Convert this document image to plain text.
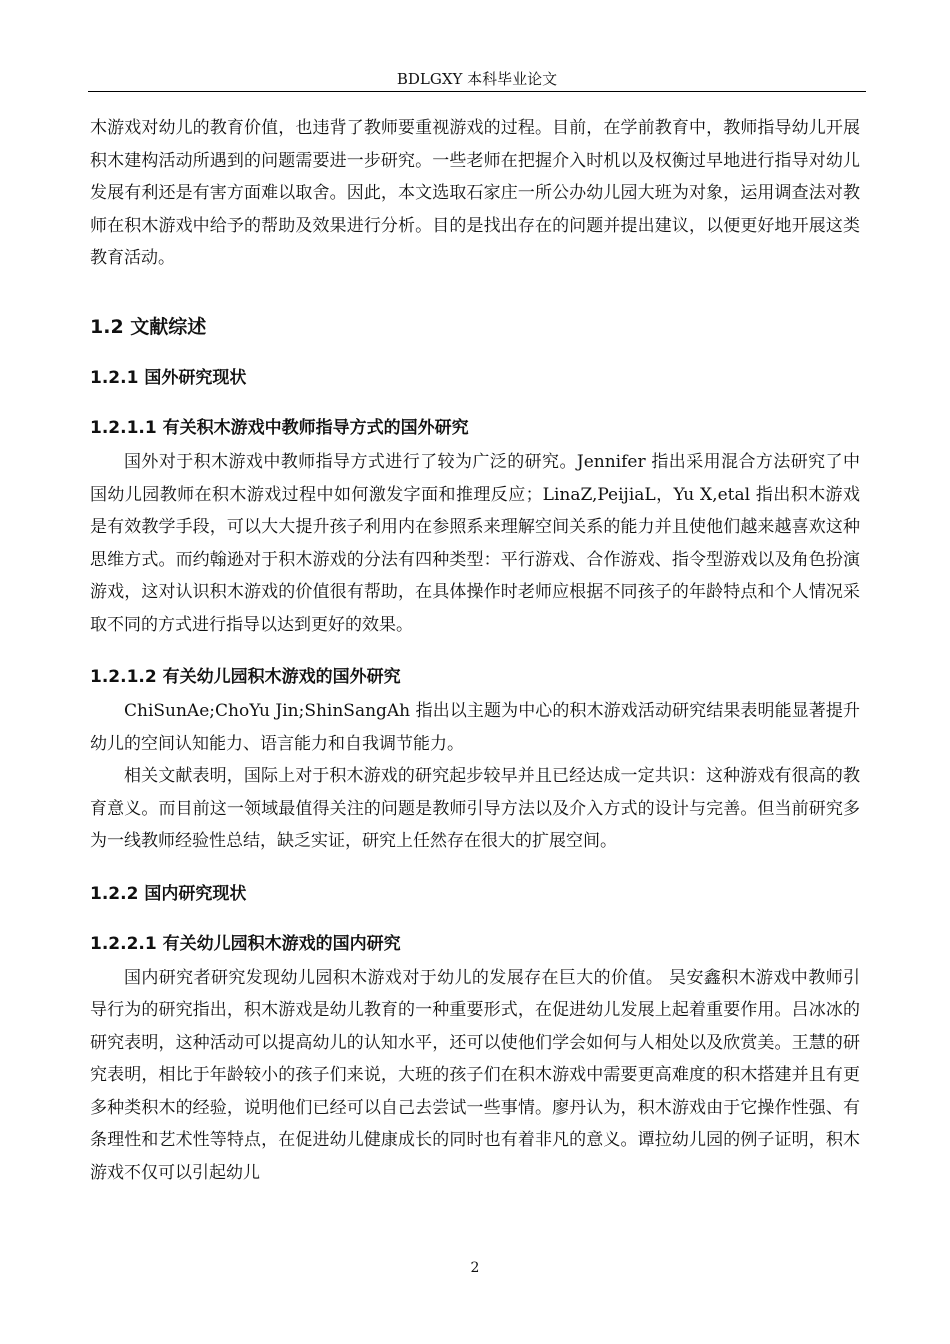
BDLGXY 本科毕业论文

木游戏对幼儿的教育价值，也违背了教师要重视游戏的过程。目前，在学前教育中，教师指导幼儿开展积木建构活动所遇到的问题需要进一步研究。一些老师在把握介入时机以及权衡过早地进行指导对幼儿发展有利还是有害方面难以取舍。因此，本文选取石家庄一所公办幼儿园大班为对象，运用调查法对教师在积木游戏中给予的帮助及效果进行分析。目的是找出存在的问题并提出建议，以便更好地开展这类教育活动。

1.2 文献综述
1.2.1 国外研究现状
1.2.1.1 有关积木游戏中教师指导方式的国外研究

国外对于积木游戏中教师指导方式进行了较为广泛的研究。Jennifer 指出采用混合方法研究了中国幼儿园教师在积木游戏过程中如何激发字面和推理反应；LinaZ,PeijiaL，Yu X,etal 指出积木游戏是有效教学手段，可以大大提升孩子利用内在参照系来理解空间关系的能力并且使他们越来越喜欢这种思维方式。而约翰逊对于积木游戏的分法有四种类型：平行游戏、合作游戏、指令型游戏以及角色扮演游戏，这对认识积木游戏的价值很有帮助，在具体操作时老师应根据不同孩子的年龄特点和个人情况采取不同的方式进行指导以达到更好的效果。

1.2.1.2 有关幼儿园积木游戏的国外研究

ChiSunAe;ChoYu Jin;ShinSangAh 指出以主题为中心的积木游戏活动研究结果表明能显著提升幼儿的空间认知能力、语言能力和自我调节能力。

相关文献表明，国际上对于积木游戏的研究起步较早并且已经达成一定共识：这种游戏有很高的教育意义。而目前这一领域最值得关注的问题是教师引导方法以及介入方式的设计与完善。但当前研究多为一线教师经验性总结，缺乏实证，研究上任然存在很大的扩展空间。

1.2.2 国内研究现状
1.2.2.1 有关幼儿园积木游戏的国内研究

国内研究者研究发现幼儿园积木游戏对于幼儿的发展存在巨大的价值。 吴安鑫积木游戏中教师引导行为的研究指出，积木游戏是幼儿教育的一种重要形式，在促进幼儿发展上起着重要作用。吕冰冰的研究表明，这种活动可以提高幼儿的认知水平，还可以使他们学会如何与人相处以及欣赏美。王慧的研究表明，相比于年龄较小的孩子们来说，大班的孩子们在积木游戏中需要更高难度的积木搭建并且有更多种类积木的经验，说明他们已经可以自己去尝试一些事情。廖丹认为，积木游戏由于它操作性强、有条理性和艺术性等特点，在促进幼儿健康成长的同时也有着非凡的意义。谭拉幼儿园的例子证明，积木游戏不仅可以引起幼儿

2
